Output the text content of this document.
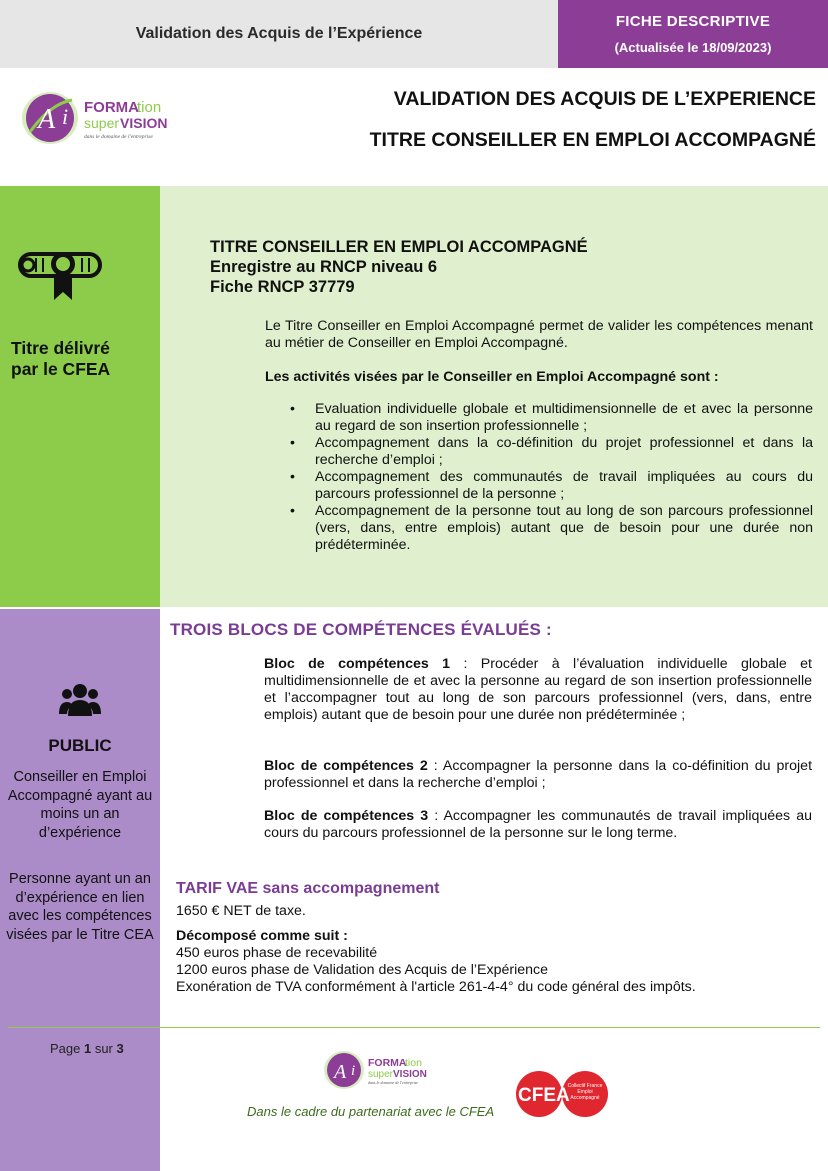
Validation des Acquis de l’Expérience
FICHE DESCRIPTIVE
(Actualisée le 18/09/2023)
A i FORMA
tion
super VISION
dans le domaine de l'entreprise
VALIDATION DES ACQUIS DE L’EXPERIENCE
TITRE CONSEILLER EN EMPLOI ACCOMPAGNÉ
Titre délivré
par le CFEA
PUBLIC
Conseiller en Emploi Accompagné ayant au moins un an d’expérience
Personne ayant un an d’expérience en lien avec les compétences visées par le Titre CEA
Page 1 sur 3
TITRE CONSEILLER EN EMPLOI ACCOMPAGNÉ
Enregistre au RNCP niveau 6
Fiche RNCP 37779
Le Titre Conseiller en Emploi Accompagné permet de valider les compétences menant au métier de Conseiller en Emploi Accompagné.
Les activités visées par le Conseiller en Emploi Accompagné sont :
• Evaluation individuelle globale et multidimensionnelle de et avec la personne au regard de son insertion professionnelle ;
• Accompagnement dans la co-définition du projet professionnel et dans la recherche d’emploi ;
• Accompagnement des communautés de travail impliquées au cours du parcours professionnel de la personne ;
• Accompagnement de la personne tout au long de son parcours professionnel (vers, dans, entre emplois) autant que de besoin pour une durée non prédéterminée.
TROIS BLOCS DE COMPÉTENCES ÉVALUÉS :
Bloc de compétences 1 : Procéder à l’évaluation individuelle globale et multidimensionnelle de et avec la personne au regard de son insertion professionnelle et l’accompagner tout au long de son parcours professionnel (vers, dans, entre emplois) autant que de besoin pour une durée non prédéterminée ;
Bloc de compétences 2 : Accompagner la personne dans la co-définition du projet professionnel et dans la recherche d’emploi ;
Bloc de compétences 3 : Accompagner les communautés de travail impliquées au cours du parcours professionnel de la personne sur le long terme.
TARIF VAE sans accompagnement
1650 € NET de taxe.
Décomposé comme suit :
450 euros phase de recevabilité
1200 euros phase de Validation des Acquis de l’Expérience
Exonération de TVA conformément à l'article 261-4-4° du code général des impôts.
A i FORMA
tion
super VISION
dans le domaine de l'entreprise
Dans le cadre du partenariat avec le CFEA
CFEA
Collectif France Emploi Accompagné
